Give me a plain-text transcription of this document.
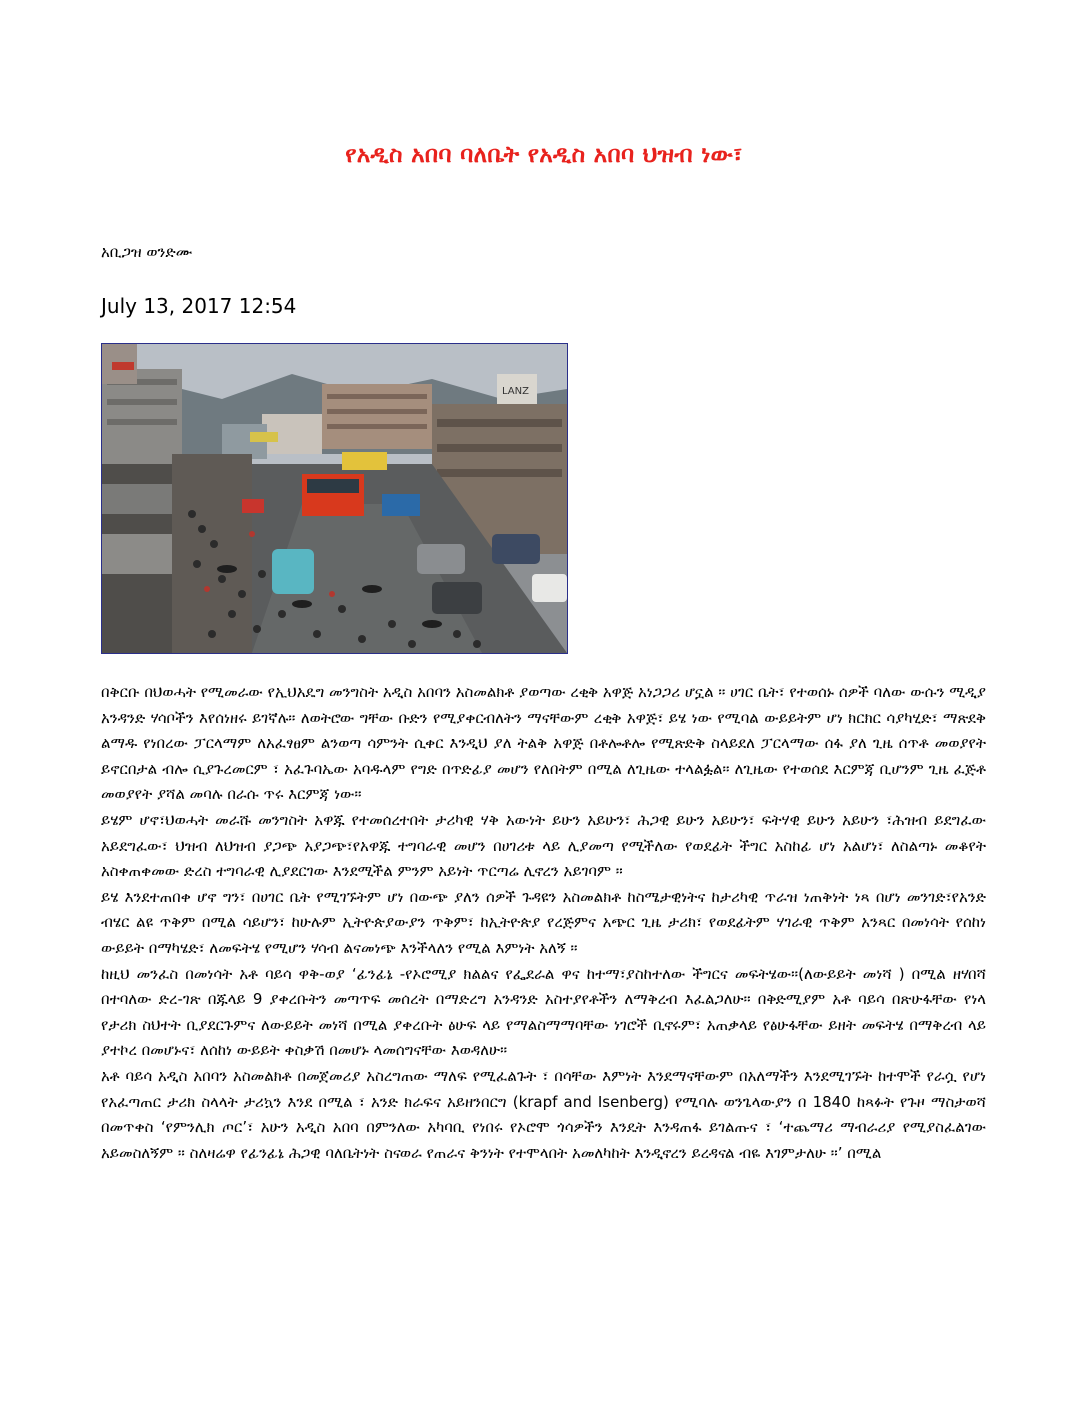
የአዲስ አበባ ባለቤት የአዲስ አበባ ህዝብ ነው፣
አቢጋዝ ወንድሙ
July 13, 2017 12:54
LANZ

በቅርቡ በህወሓት የሚመራው የኢህአዴግ መንግስት አዲስ አበባን አስመልክቶ ያወጣው ረቂቅ አዋጅ አነጋጋሪ ሆኗል ። ሀገር ቤት፣ የተወሰኑ ሰዎች ባለው ውሱን ሚዲያ አንዳንድ ሃሳቦችን እየሰነዘሩ ይገኛሉ። ለወትሮው ግቸው ቡድን የሚያቀርብለትን ማናቸውም ረቂቅ አዋጅ፣ ይሄ ነው የሚባል ውይይትም ሆነ ክርክር ሳያካሂድ፣ ማጽደቅ ልማዱ የነበረው ፓርላማም ለአፈፃፀም ልንወጣ ሳምንት ሲቀር እንዲህ ያለ ትልቅ አዋጅ በቶሎቶሎ የሚጽድቅ ስላይደለ ፓርላማው ሰፋ ያለ ጊዜ ሰጥቶ መወያየት ይኖርበታል ብሎ ሲያጉረመርም ፣ አፈጉባኤው አባዱላም የግድ በጥድፊያ መሆን የለበትም በሚል ለጊዜው ተላልፏል። ለጊዜው የተወሰደ እርምጃ ቢሆንም ጊዜ ፈጅቶ መወያየት ያሻል መባሉ በራሱ ጥሩ እርምጃ ነው።

ይሄም ሆኖ፣ህወሓት መራሹ መንግስት አዋጁ የተመሰረተበት ታሪካዊ ሃቅ አውነት ይሁን አይሁን፣ ሕጋዊ ይሁን አይሁን፣ ፍትሃዊ ይሁን አይሁን ፣ሕዝብ ይደግፈው አይደግፈው፣ ህዝብ ለህዝብ ያጋጭ አያጋጭ፣የአዋጁ ተግባራዊ መሆን በሀገሪቱ ላይ ሊያመጣ የሚችለው የወደፊት ችግር አስከፊ ሆነ አልሆነ፣ ለስልጣኑ መቆየት አስቀጠቀመው ድረስ ተግባራዊ ሊያደርገው እንደሚችል ምንም አይነት ጥርጣሬ ሊኖረን አይገባም ።

ይሄ እንደተጠበቀ ሆኖ ግን፣ በሀገር ቤት የሚገኙትም ሆነ በውጭ ያለን ሰዎች ጉዳዩን አስመልክቶ ከስሜታዊነትና ከታሪካዊ ጥራዝ ነጠቅነት ነጻ በሆነ መንገድ፣የአንድ ብሄር ልዩ ጥቅም በሚል ሳይሆን፣ ከሁሉም ኢትዮጵያውያን ጥቅም፣ ከኢትዮጵያ የረጅምና አጭር ጊዜ ታሪክ፣ የወደፊትም ሃገራዊ ጥቅም አንጻር በመነሳት የሰከነ ውይይት በማካሄድ፣ ለመፍትሄ የሚሆን ሃሳብ ልናመነጭ እንችላለን የሚል እምነት አለኝ ።

ከዚህ መንፈስ በመነሳት አቶ ባይሳ ዋቅ-ወያ ‘ፊንፊኔ -የኦሮሚያ ክልልና የፌደራል ዋና ከተማ፣ያስከተለው ችግርና መፍትሄው።(ለውይይት መነሻ ) በሚል ዘሃበሻ በተባለው ድረ-ገጽ በጁላይ 9 ያቀረቡትን መጣጥፍ መሰረት በማድረግ አንዳንድ አስተያየቶችን ለማቅረብ እፈልጋለሁ። በቅድሚያም አቶ ባይሳ በጽሁፋቸው የነላ የታሪክ ስህተት ቢያደርጉምና ለውይይት መነሻ በሚል ያቀረቡት ፅሁፍ ላይ የማልስማማባቸው ነገሮች ቢኖሩም፣ አጠቃላይ የፅሁፋቸው ይዘት መፍትሄ በማቅረብ ላይ ያተኮረ በመሆኑና፣ ለሰከነ ውይይት ቀስቃሽ በመሆኑ ላመሰግናቸው እወዳለሁ።

አቶ ባይሳ አዲስ አበባን አስመልክቶ በመጀመሪያ አስረግጠው ማለፍ የሚፈልጉት ፣ በሳቸው እምነት እንደማናቸውም በአለማችን እንደሚገኙት ከተሞች የራሷ የሆነ የአፈጣጠር ታሪክ ስላላት ታሪኳን እንደ በሚል ፣ አንድ ክራፍና አይዘንበርግ (krapf and Isenberg) የሚባሉ ወንጌላውያን በ 1840 ከጻፉት የጉዞ ማስታወሻ በመጥቀስ ‘የምንሊክ ጦር’፣ አሁን አዲስ አበባ በምንለው አካባቢ የነበሩ የኦሮሞ ጎሳዎችን እንዴት እንዳጠፋ ይገልጡና ፣ ‘ተጨማሪ ማብራሪያ የሚያስፈልገው አይመስለኝም ። ስለዛሬዋ የፊንፊኔ ሕጋዊ ባለቤትነት ስናወራ የጠራና ቅንነት የተሞላበት አመለካከት እንዲኖረን ይረዳናል ብዬ እገምታለሁ ።’ በሚል
